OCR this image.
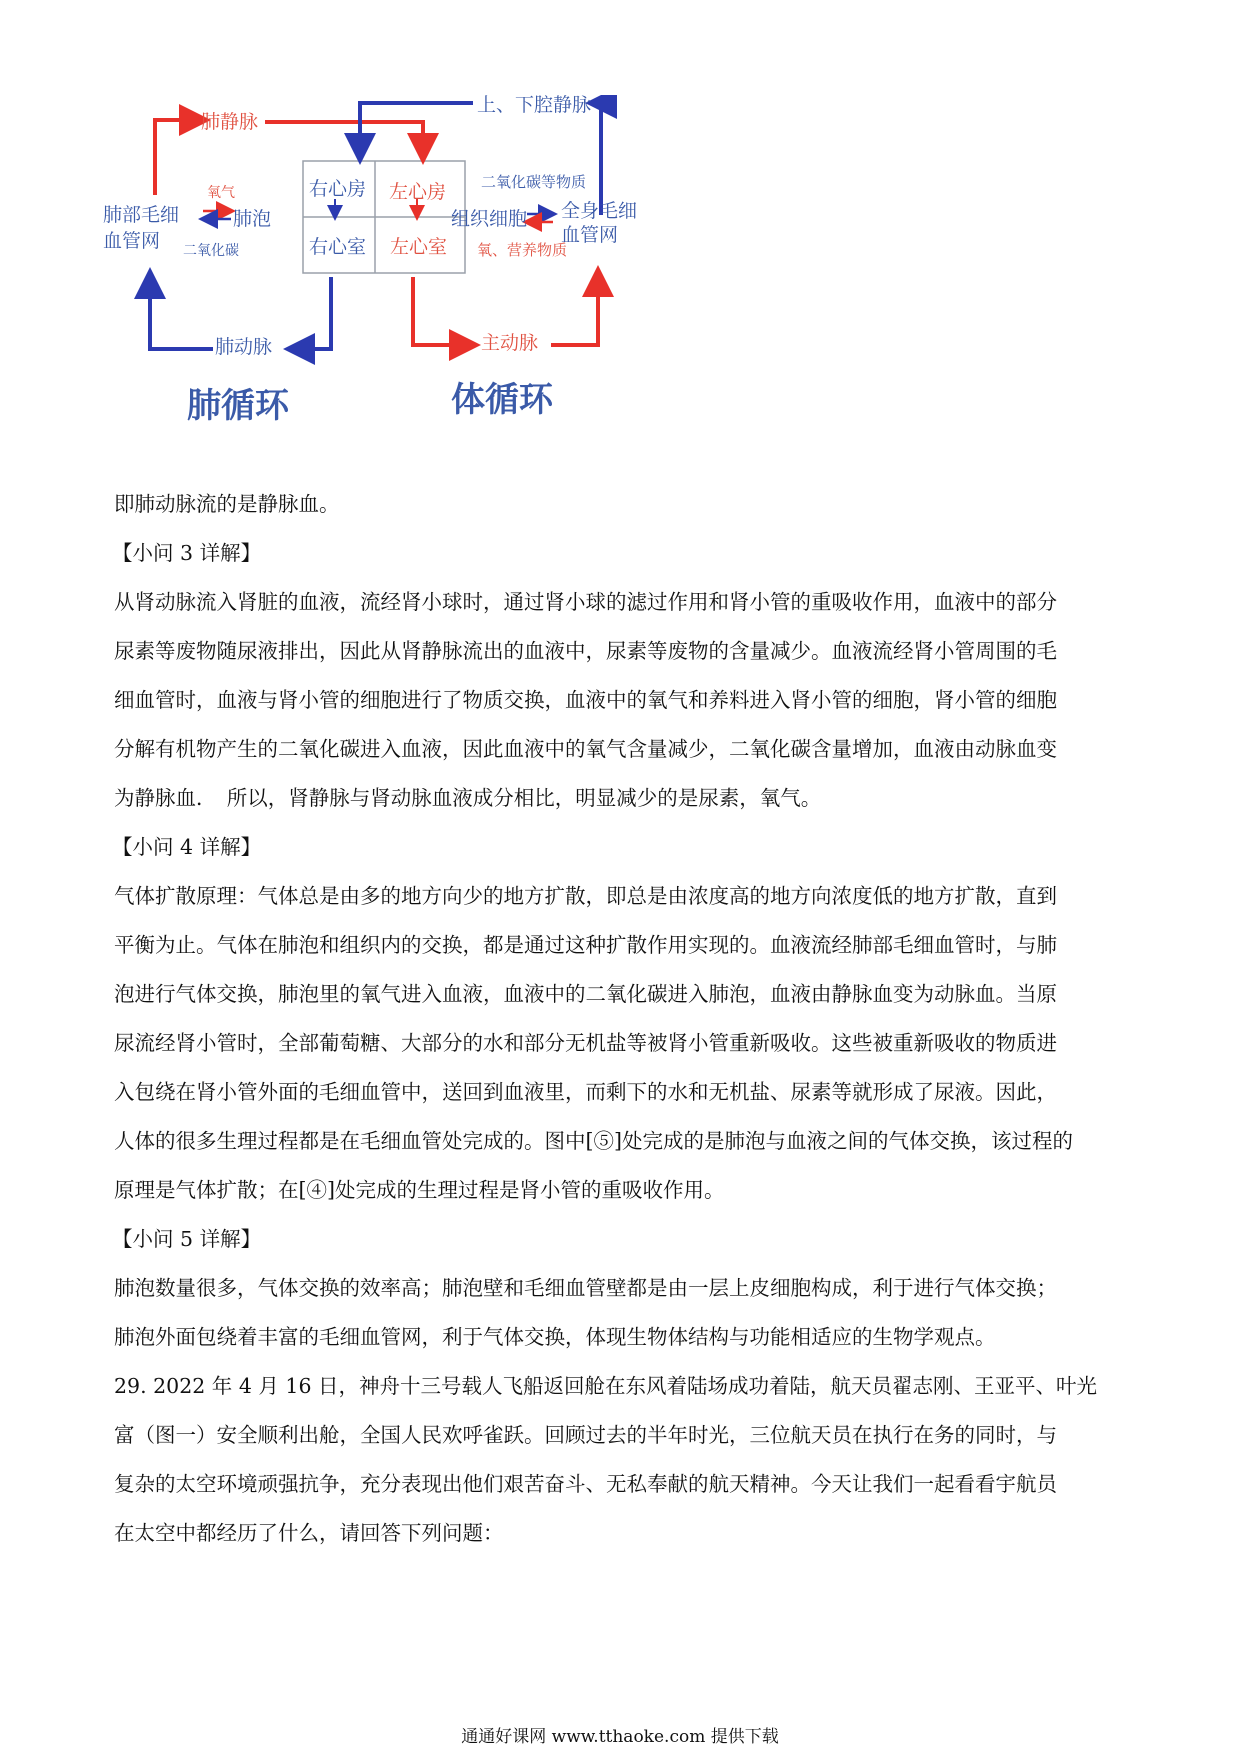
肺静脉
上、下腔静脉
右心房 左心房
右心室 左心室
肺部毛细
血管网
氧气
肺泡
二氧化碳
二氧化碳等物质
组织细胞 全身毛细
血管网
氧、营养物质
肺动脉	主动脉
肺循环	体循环

即肺动脉流的是静脉血。

【小问 3 详解】

从肾动脉流入肾脏的血液，流经肾小球时，通过肾小球的滤过作用和肾小管的重吸收作用，血液中的部分

尿素等废物随尿液排出，因此从肾静脉流出的血液中，尿素等废物的含量减少。血液流经肾小管周围的毛

细血管时，血液与肾小管的细胞进行了物质交换，血液中的氧气和养料进入肾小管的细胞，肾小管的细胞

分解有机物产生的二氧化碳进入血液，因此血液中的氧气含量减少，二氧化碳含量增加，血液由动脉血变

为静脉血．　所以，肾静脉与肾动脉血液成分相比，明显减少的是尿素，氧气。

【小问 4 详解】

气体扩散原理：气体总是由多的地方向少的地方扩散，即总是由浓度高的地方向浓度低的地方扩散，直到

平衡为止。气体在肺泡和组织内的交换，都是通过这种扩散作用实现的。血液流经肺部毛细血管时，与肺

泡进行气体交换，肺泡里的氧气进入血液，血液中的二氧化碳进入肺泡，血液由静脉血变为动脉血。当原

尿流经肾小管时，全部葡萄糖、大部分的水和部分无机盐等被肾小管重新吸收。这些被重新吸收的物质进

入包绕在肾小管外面的毛细血管中，送回到血液里，而剩下的水和无机盐、尿素等就形成了尿液。因此，

人体的很多生理过程都是在毛细血管处完成的。图中[⑤]处完成的是肺泡与血液之间的气体交换，该过程的

原理是气体扩散；在[④]处完成的生理过程是肾小管的重吸收作用。

【小问 5 详解】

肺泡数量很多，气体交换的效率高；肺泡壁和毛细血管壁都是由一层上皮细胞构成，利于进行气体交换；

肺泡外面包绕着丰富的毛细血管网，利于气体交换，体现生物体结构与功能相适应的生物学观点。

29. 2022 年 4 月 16 日，神舟十三号载人飞船返回舱在东风着陆场成功着陆，航天员翟志刚、王亚平、叶光

富（图一）安全顺利出舱，全国人民欢呼雀跃。回顾过去的半年时光，三位航天员在执行在务的同时，与

复杂的太空环境顽强抗争，充分表现出他们艰苦奋斗、无私奉献的航天精神。今天让我们一起看看宇航员

在太空中都经历了什么，请回答下列问题：

通通好课网 www.tthaoke.com 提供下载
